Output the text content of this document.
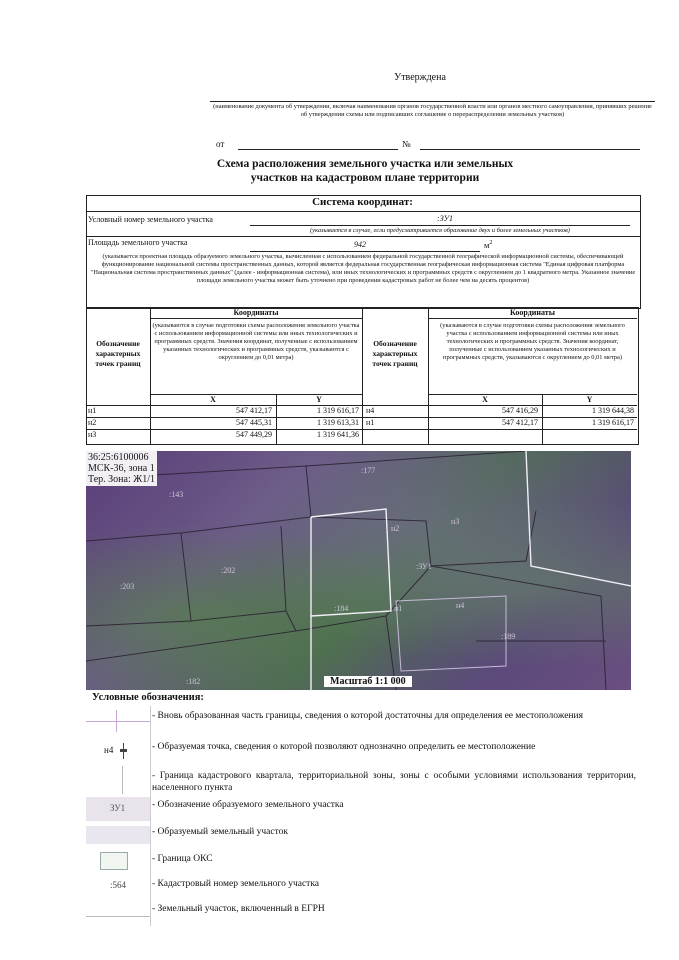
Утверждена
(наименование документа об утверждении, включая наименования органов государственной власти или органов местного самоуправления, принявших решение об утверждении схемы или подписавших соглашение о перераспределении земельных участков)
от	№
Схема расположения земельного участка или земельных
участков на кадастровом плане территории
Система координат:
Условный номер земельного участка	:ЗУ1
(указывается в случае, если предусматривается образование двух и более земельных участков)
Площадь земельного участка	942	$м^2$
(указывается проектная площадь образуемого земельного участка, вычисленная с использованием федеральной государственной географической информационной системы, обеспечивающей функционирование национальной системы пространственных данных, которой является федеральная государственная географическая информационная система "Единая цифровая платформа "Национальная система пространственных данных" (далее - информационная система), или иных технологических и программных средств с округлением до 1 квадратного метра. Указанное значение площади земельного участка может быть уточнено при проведении кадастровых работ не более чем на десять процентов)
Обозначение характерных точек границ
Координаты
(указываются в случае подготовки схемы расположения земельного участка с использованием информационной системы или иных технологических и программных средств. Значения координат, полученные с использованием указанных технологических и программных средств, указываются с округлением до 0,01 метра)
X	Y
Обозначение характерных точек границ
Координаты
(указываются в случае подготовки схемы расположения земельного участка с использованием информационной системы или иных технологических и программных средств. Значения координат, полученные с использованием указанных технологических и программных средств, указываются с округлением до 0,01 метра)
X	Y
н1	547 412,17	1 319 616,17
н2	547 445,31	1 319 613,31
н3	547 449,29	1 319 641,36
н4	547 416,29	1 319 644,38
н1	547 412,17	1 319 616,17
:143
:177
:203
:202
:184
:189
:182
:ЗУ1
н1	н4
н3
н2
36:25:6100006
МСК-36, зона 1
Тер. Зона: Ж1/1
Масштаб 1:1 000
Условные обозначения:
- Вновь образованная часть границы, сведения о которой достаточны для определения ее местоположения
н4	- Образуемая точка, сведения о которой позволяют однозначно определить ее местоположение
- Граница кадастрового квартала, территориальной зоны, зоны с особыми условиями использования территории, населенного пункта
ЗУ1	- Обозначение образуемого земельного участка
- Образуемый земельный участок
- Граница ОКС
:564	- Кадастровый номер земельного участка
- Земельный участок, включенный в ЕГРН
